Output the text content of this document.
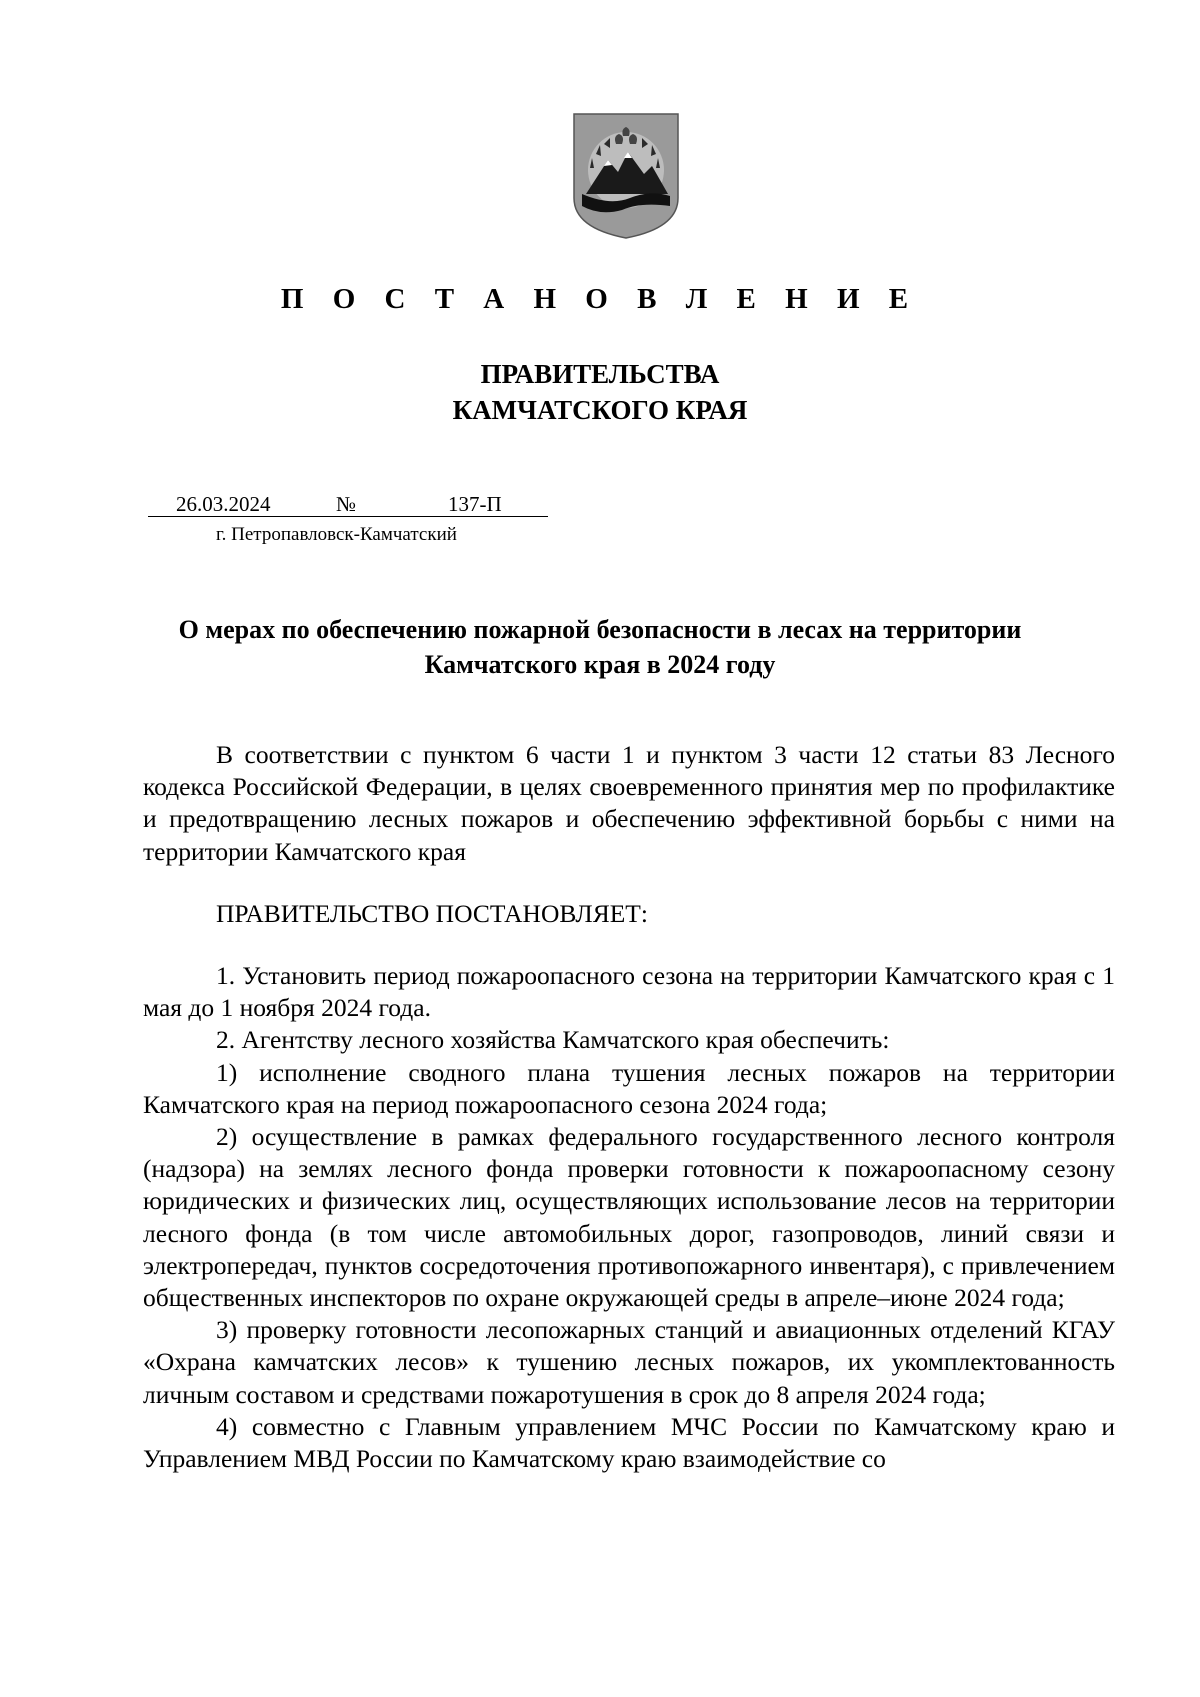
П О С Т А Н О В Л Е Н И Е
ПРАВИТЕЛЬСТВА
КАМЧАТСКОГО КРАЯ
26.03.2024	№	137-П
г. Петропавловск-Камчатский
О мерах по обеспечению пожарной безопасности в лесах на территории
Камчатского края в 2024 году

В соответствии с пунктом 6 части 1 и пунктом 3 части 12 статьи 83 Лесного кодекса Российской Федерации, в целях своевременного принятия мер по профилактике и предотвращению лесных пожаров и обеспечению эффективной борьбы с ними на территории Камчатского края

ПРАВИТЕЛЬСТВО ПОСТАНОВЛЯЕТ:

1. Установить период пожароопасного сезона на территории Камчатского края с 1 мая до 1 ноября 2024 года.

2. Агентству лесного хозяйства Камчатского края обеспечить:

1) исполнение сводного плана тушения лесных пожаров на территории Камчатского края на период пожароопасного сезона 2024 года;

2) осуществление в рамках федерального государственного лесного контроля (надзора) на землях лесного фонда проверки готовности к пожароопасному сезону юридических и физических лиц, осуществляющих использование лесов на территории лесного фонда (в том числе автомобильных дорог, газопроводов, линий связи и электропередач, пунктов сосредоточения противопожарного инвентаря), с привлечением общественных инспекторов по охране окружающей среды в апреле–июне 2024 года;

3) проверку готовности лесопожарных станций и авиационных отделений КГАУ «Охрана камчатских лесов» к тушению лесных пожаров, их укомплектованность личным составом и средствами пожаротушения в срок до 8 апреля 2024 года;

4) совместно с Главным управлением МЧС России по Камчатскому краю и Управлением МВД России по Камчатскому краю взаимодействие со
